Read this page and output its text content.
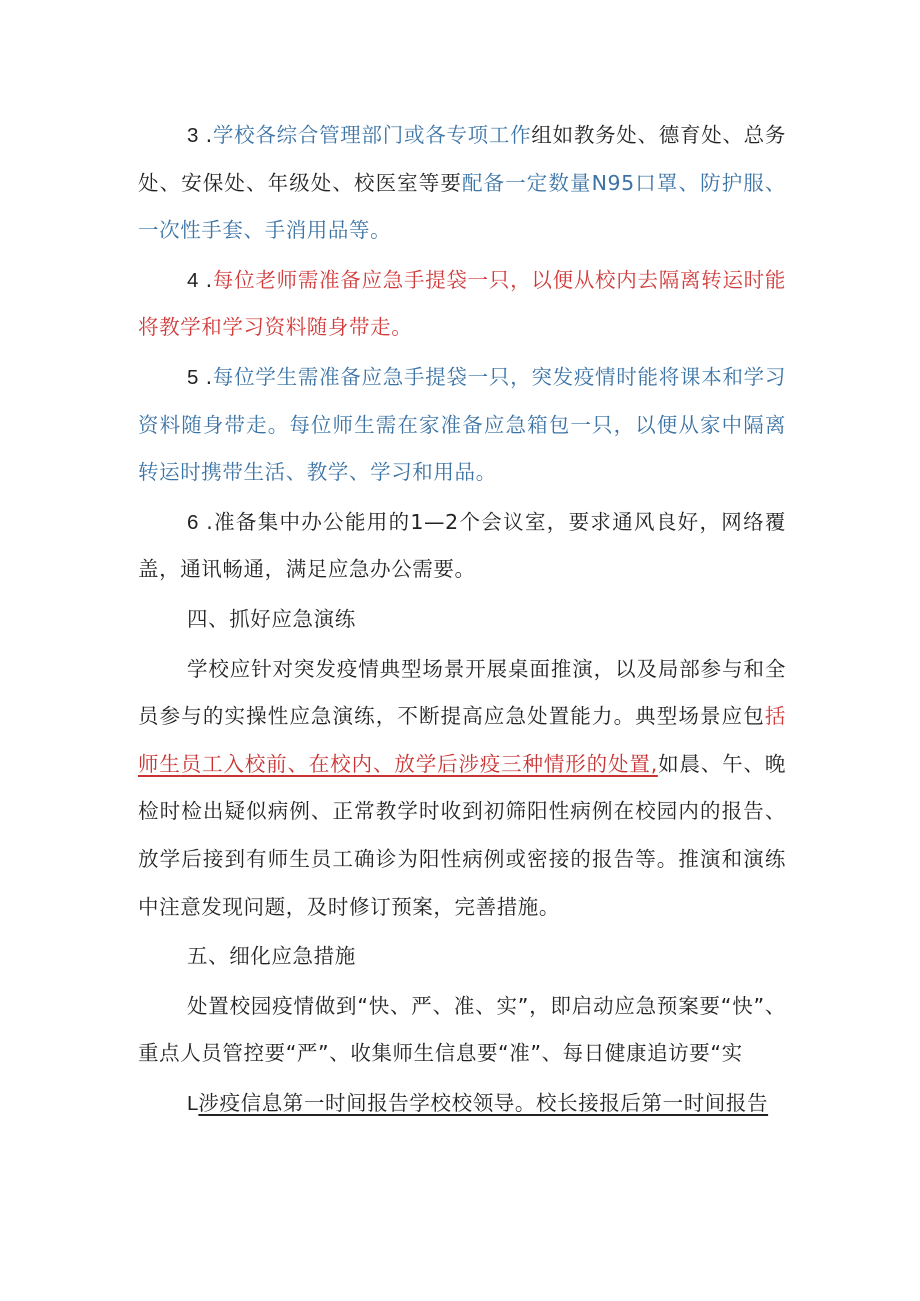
3 .学校各综合管理部门或各专项工作组如教务处、德育处、总务处、安保处、年级处、校医室等要配备一定数量N95口罩、防护服、一次性手套、手消用品等。

4 .每位老师需准备应急手提袋一只，以便从校内去隔离转运时能将教学和学习资料随身带走。

5 .每位学生需准备应急手提袋一只，突发疫情时能将课本和学习资料随身带走。每位师生需在家准备应急箱包一只，以便从家中隔离转运时携带生活、教学、学习和用品。

6 .准备集中办公能用的1—2个会议室，要求通风良好，网络覆盖，通讯畅通，满足应急办公需要。

四、抓好应急演练

学校应针对突发疫情典型场景开展桌面推演，以及局部参与和全员参与的实操性应急演练，不断提高应急处置能力。典型场景应包括师生员工入校前、在校内、放学后涉疫三种情形的处置,如晨、午、晚检时检出疑似病例、正常教学时收到初筛阳性病例在校园内的报告、放学后接到有师生员工确诊为阳性病例或密接的报告等。推演和演练中注意发现问题，及时修订预案，完善措施。

五、细化应急措施

处置校园疫情做到“快、严、准、实”，即启动应急预案要“快”、重点人员管控要“严”、收集师生信息要“准”、每日健康追访要“实

L涉疫信息第一时间报告学校校领导。校长接报后第一时间报告
